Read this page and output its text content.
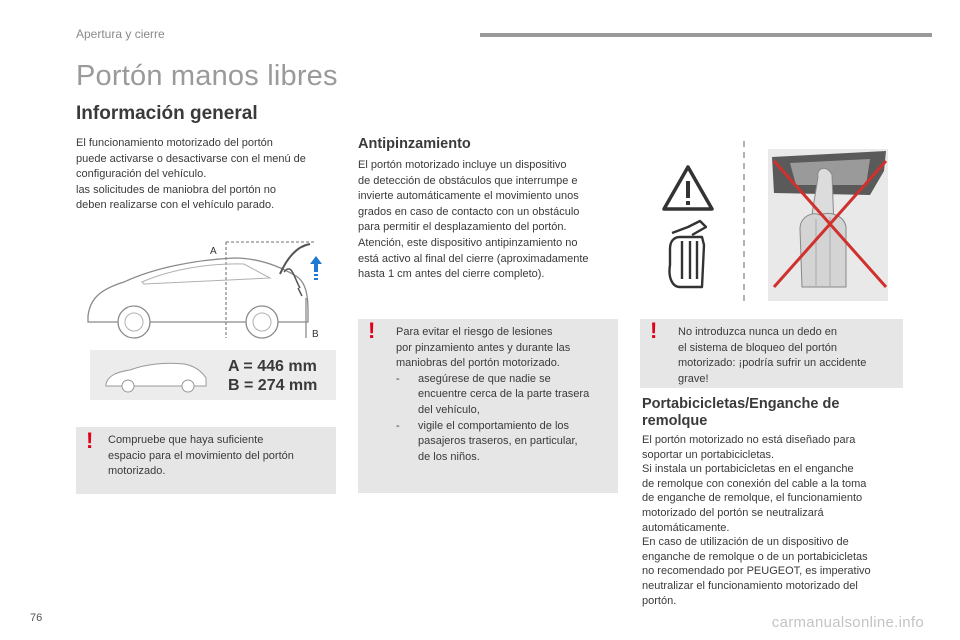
Apertura y cierre
Portón manos libres
Información general
El funcionamiento motorizado del portón
puede activarse o desactivarse con el menú de
configuración del vehículo.
las solicitudes de maniobra del portón no
deben realizarse con el vehículo parado.
A
B
A = 446 mm
B = 274 mm
! Compruebe que haya suficiente
espacio para el movimiento del portón
motorizado.
Antipinzamiento
El portón motorizado incluye un dispositivo
de detección de obstáculos que interrumpe e
invierte automáticamente el movimiento unos
grados en caso de contacto con un obstáculo
para permitir el desplazamiento del portón.
Atención, este dispositivo antipinzamiento no
está activo al final del cierre (aproximadamente
hasta 1 cm antes del cierre completo).
! Para evitar el riesgo de lesiones
por pinzamiento antes y durante las
maniobras del portón motorizado.
- asegúrese de que nadie se
encuentre cerca de la parte trasera
del vehículo,
- vigile el comportamiento de los
pasajeros traseros, en particular,
de los niños.
! No introduzca nunca un dedo en
el sistema de bloqueo del portón
motorizado: ¡podría sufrir un accidente
grave!
Portabicicletas/Enganche de
remolque
El portón motorizado no está diseñado para
soportar un portabicicletas.
Si instala un portabicicletas en el enganche
de remolque con conexión del cable a la toma
de enganche de remolque, el funcionamiento
motorizado del portón se neutralizará
automáticamente.
En caso de utilización de un dispositivo de
enganche de remolque o de un portabicicletas
no recomendado por PEUGEOT, es imperativo
neutralizar el funcionamiento motorizado del
portón.
76	carmanualsonline.info
